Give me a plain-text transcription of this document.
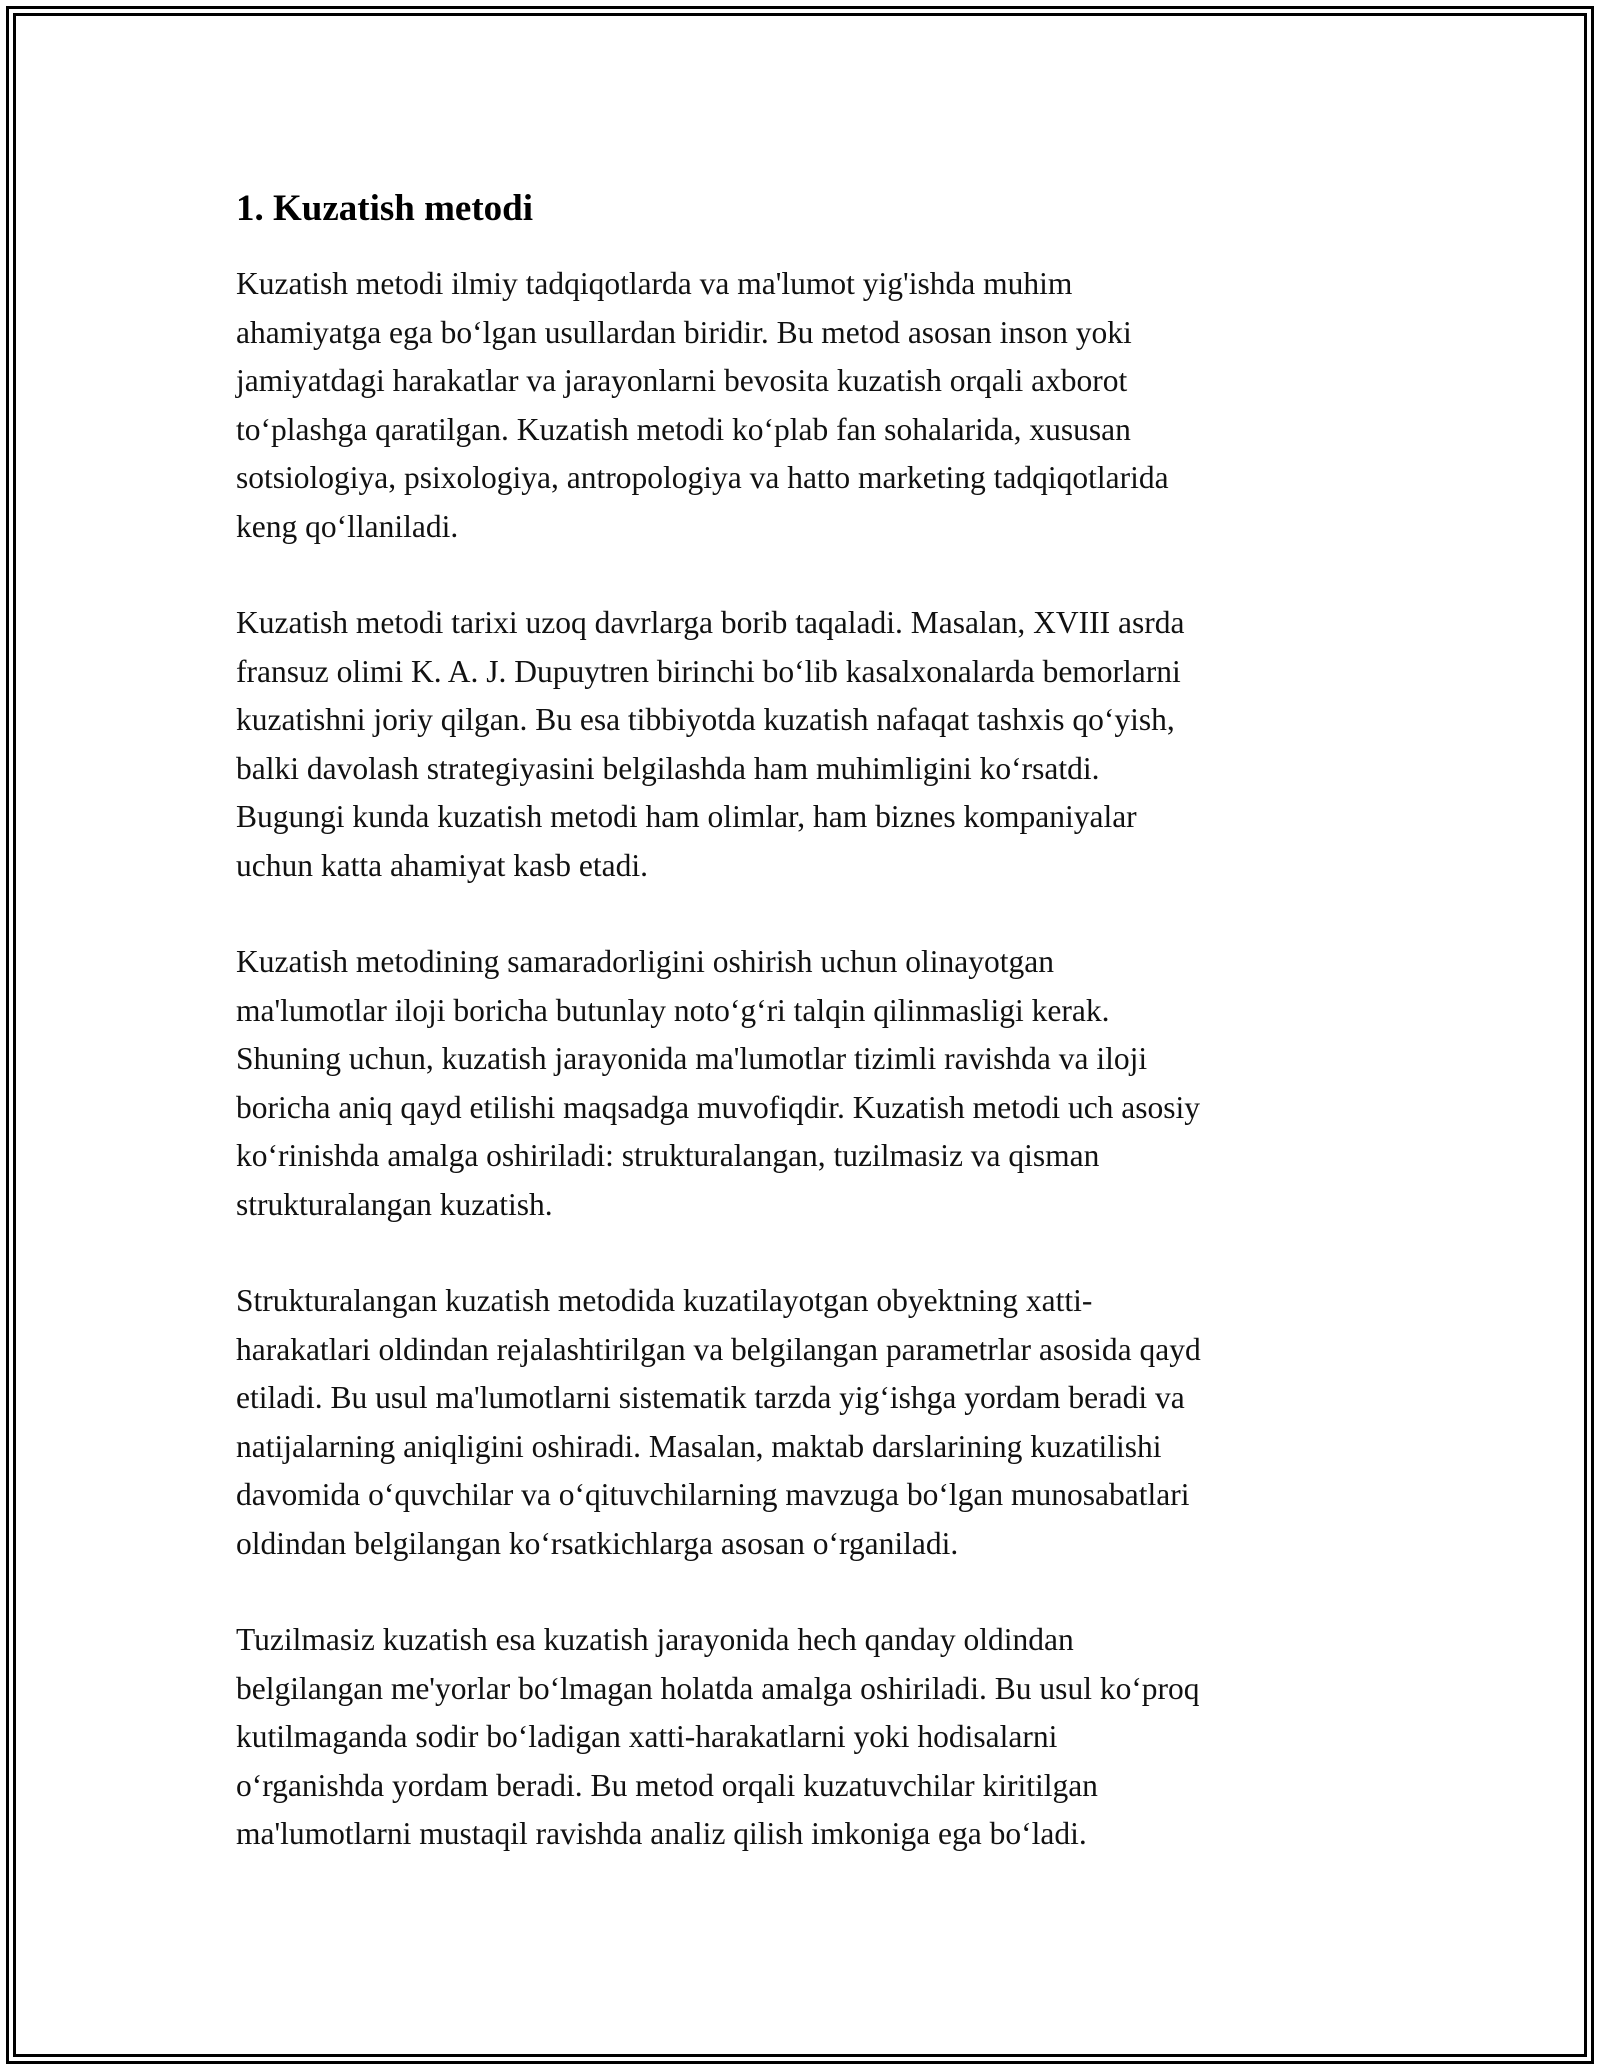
1. Kuzatish metodi

Kuzatish metodi ilmiy tadqiqotlarda va ma'lumot yig'ishda muhim
ahamiyatga ega bo‘lgan usullardan biridir. Bu metod asosan inson yoki
jamiyatdagi harakatlar va jarayonlarni bevosita kuzatish orqali axborot
to‘plashga qaratilgan. Kuzatish metodi ko‘plab fan sohalarida, xususan
sotsiologiya, psixologiya, antropologiya va hatto marketing tadqiqotlarida
keng qo‘llaniladi.

Kuzatish metodi tarixi uzoq davrlarga borib taqaladi. Masalan, XVIII asrda
fransuz olimi K. A. J. Dupuytren birinchi bo‘lib kasalxonalarda bemorlarni
kuzatishni joriy qilgan. Bu esa tibbiyotda kuzatish nafaqat tashxis qo‘yish,
balki davolash strategiyasini belgilashda ham muhimligini ko‘rsatdi.
Bugungi kunda kuzatish metodi ham olimlar, ham biznes kompaniyalar
uchun katta ahamiyat kasb etadi.

Kuzatish metodining samaradorligini oshirish uchun olinayotgan
ma'lumotlar iloji boricha butunlay noto‘g‘ri talqin qilinmasligi kerak.
Shuning uchun, kuzatish jarayonida ma'lumotlar tizimli ravishda va iloji
boricha aniq qayd etilishi maqsadga muvofiqdir. Kuzatish metodi uch asosiy
ko‘rinishda amalga oshiriladi: strukturalangan, tuzilmasiz va qisman
strukturalangan kuzatish.

Strukturalangan kuzatish metodida kuzatilayotgan obyektning xatti-
harakatlari oldindan rejalashtirilgan va belgilangan parametrlar asosida qayd
etiladi. Bu usul ma'lumotlarni sistematik tarzda yig‘ishga yordam beradi va
natijalarning aniqligini oshiradi. Masalan, maktab darslarining kuzatilishi
davomida o‘quvchilar va o‘qituvchilarning mavzuga bo‘lgan munosabatlari
oldindan belgilangan ko‘rsatkichlarga asosan o‘rganiladi.

Tuzilmasiz kuzatish esa kuzatish jarayonida hech qanday oldindan
belgilangan me'yorlar bo‘lmagan holatda amalga oshiriladi. Bu usul ko‘proq
kutilmaganda sodir bo‘ladigan xatti-harakatlarni yoki hodisalarni
o‘rganishda yordam beradi. Bu metod orqali kuzatuvchilar kiritilgan
ma'lumotlarni mustaqil ravishda analiz qilish imkoniga ega bo‘ladi.
